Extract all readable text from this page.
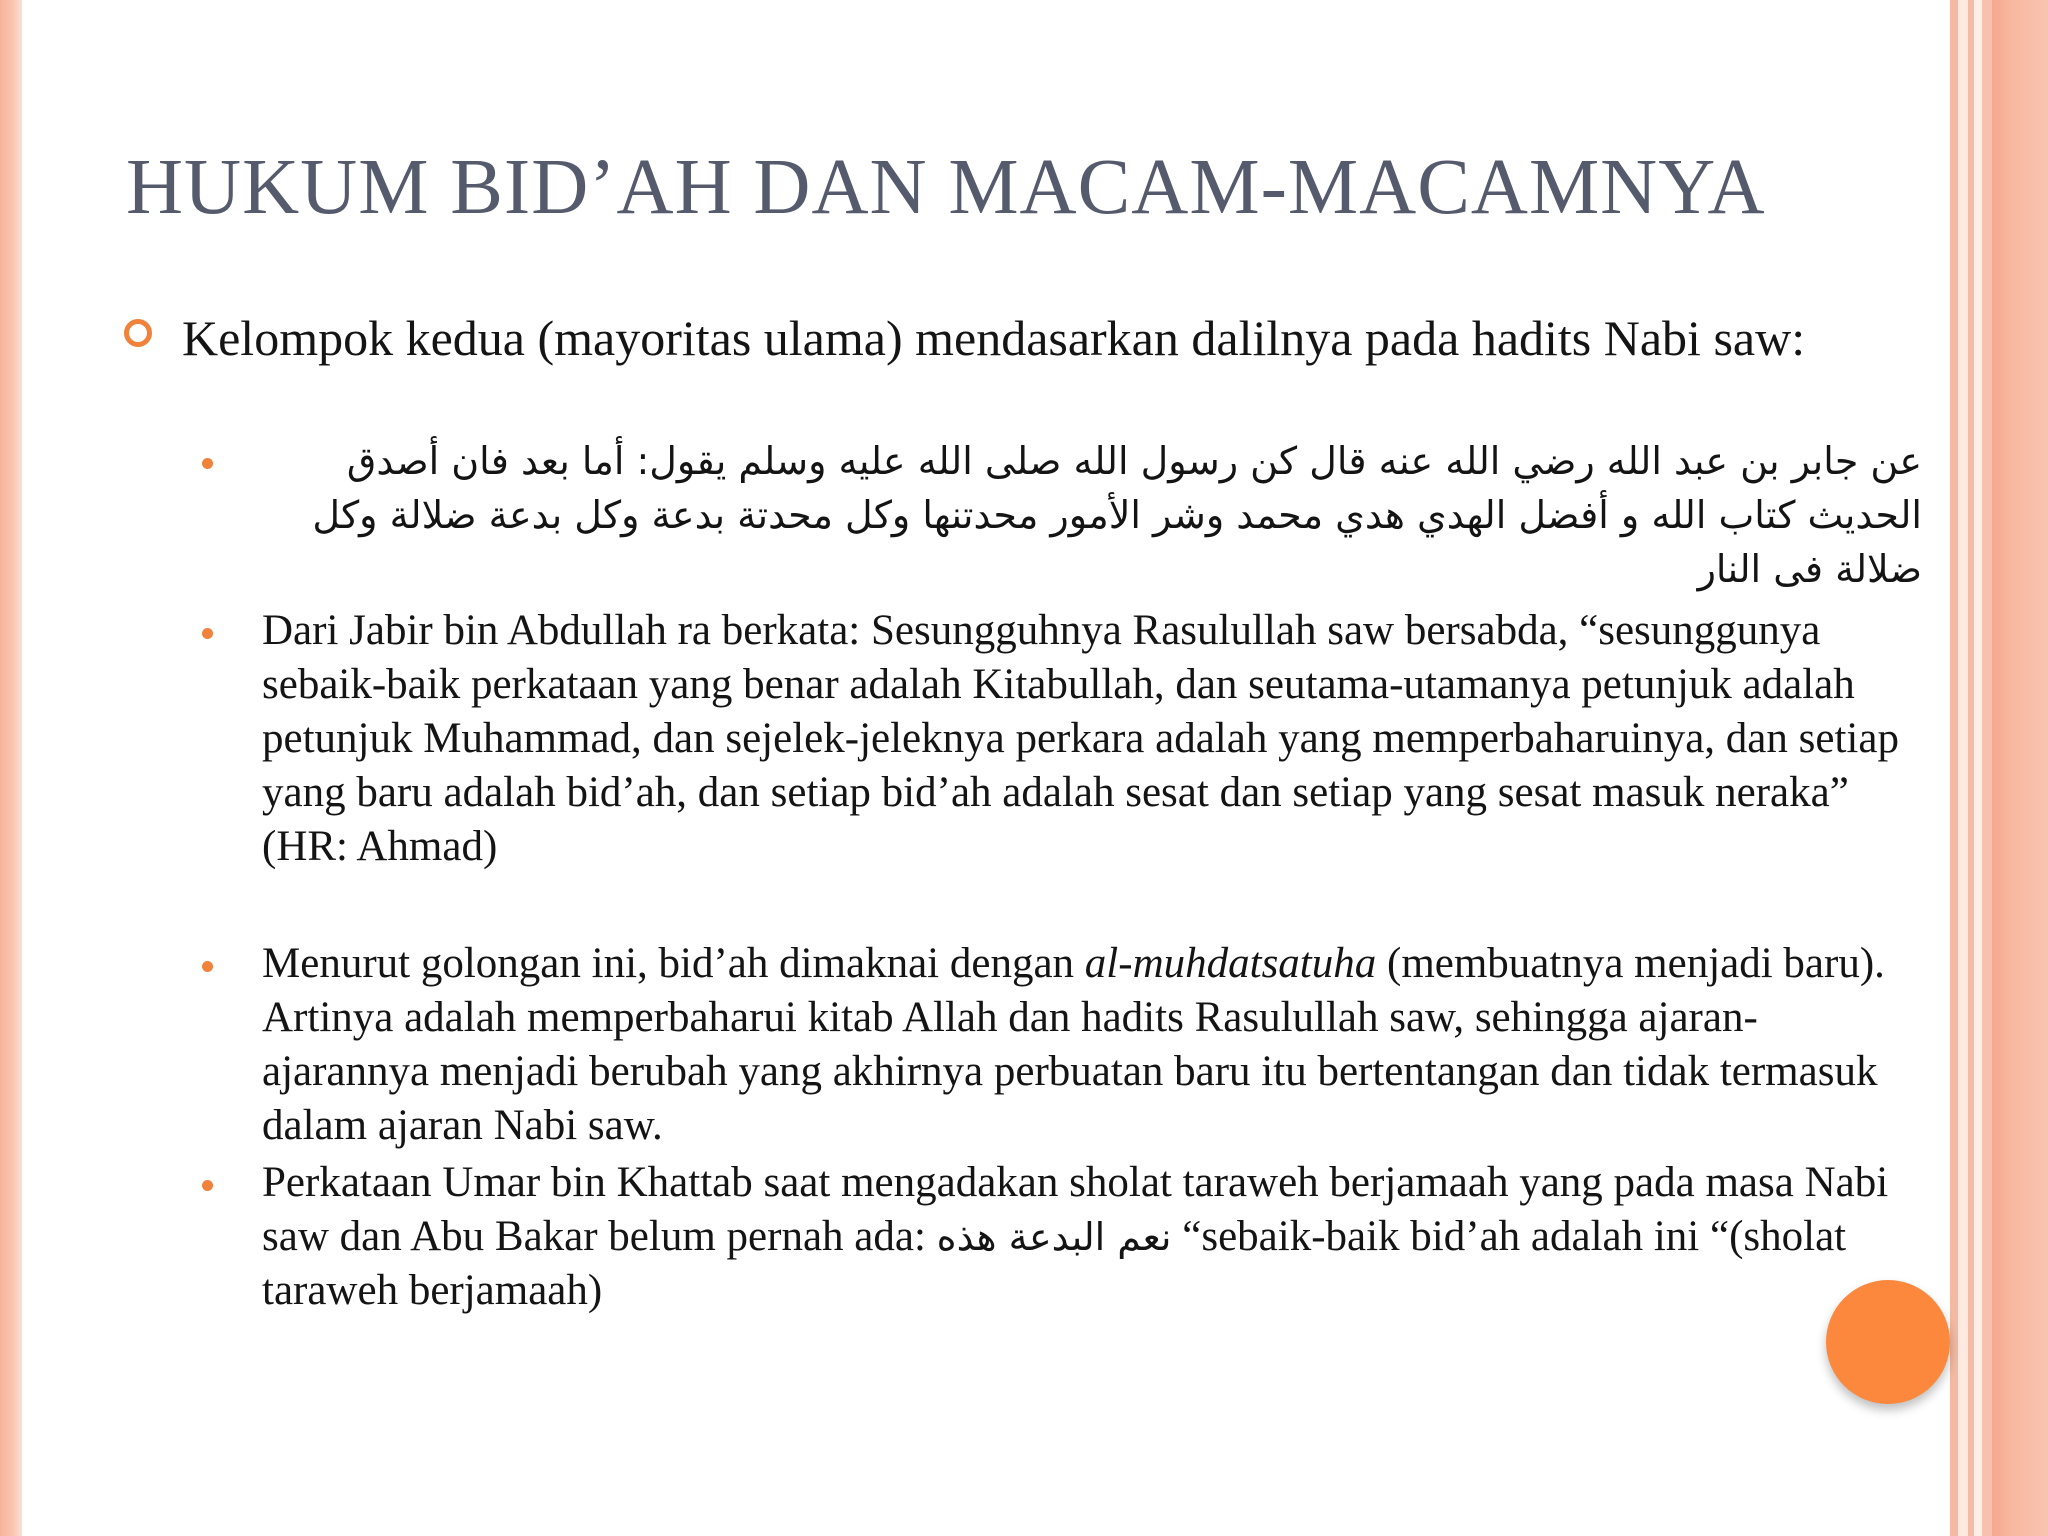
HUKUM BID’AH DAN MACAM-MACAMNYA
Kelompok kedua (mayoritas ulama) mendasarkan dalilnya pada hadits Nabi saw:
عن جابر بن عبد الله رضي الله عنه قال كن رسول الله صلى الله عليه وسلم يقول: أما بعد فان أصدق الحديث كتاب الله و أفضل الهدي هدي محمد وشر الأمور محدتنها وكل محدتة بدعة وكل بدعة ضلالة وكل ضلالة فى النار
Dari Jabir bin Abdullah ra berkata: Sesungguhnya Rasulullah saw bersabda, “sesunggunya sebaik-baik perkataan yang benar adalah Kitabullah, dan seutama-utamanya petunjuk adalah petunjuk Muhammad, dan sejelek-jeleknya perkara adalah yang memperbaharuinya, dan setiap yang baru adalah bid’ah, dan setiap bid’ah adalah sesat dan setiap yang sesat masuk neraka” (HR: Ahmad)
Menurut golongan ini, bid’ah dimaknai dengan al-muhdatsatuha (membuatnya menjadi baru). Artinya adalah memperbaharui kitab Allah dan hadits Rasulullah saw, sehingga ajaran-ajarannya menjadi berubah yang akhirnya perbuatan baru itu bertentangan dan tidak termasuk dalam ajaran Nabi saw.
Perkataan Umar bin Khattab saat mengadakan sholat taraweh berjamaah yang pada masa Nabi saw dan Abu Bakar belum pernah ada: نعم البدعة هذه “sebaik-baik bid’ah adalah ini “(sholat taraweh berjamaah)
